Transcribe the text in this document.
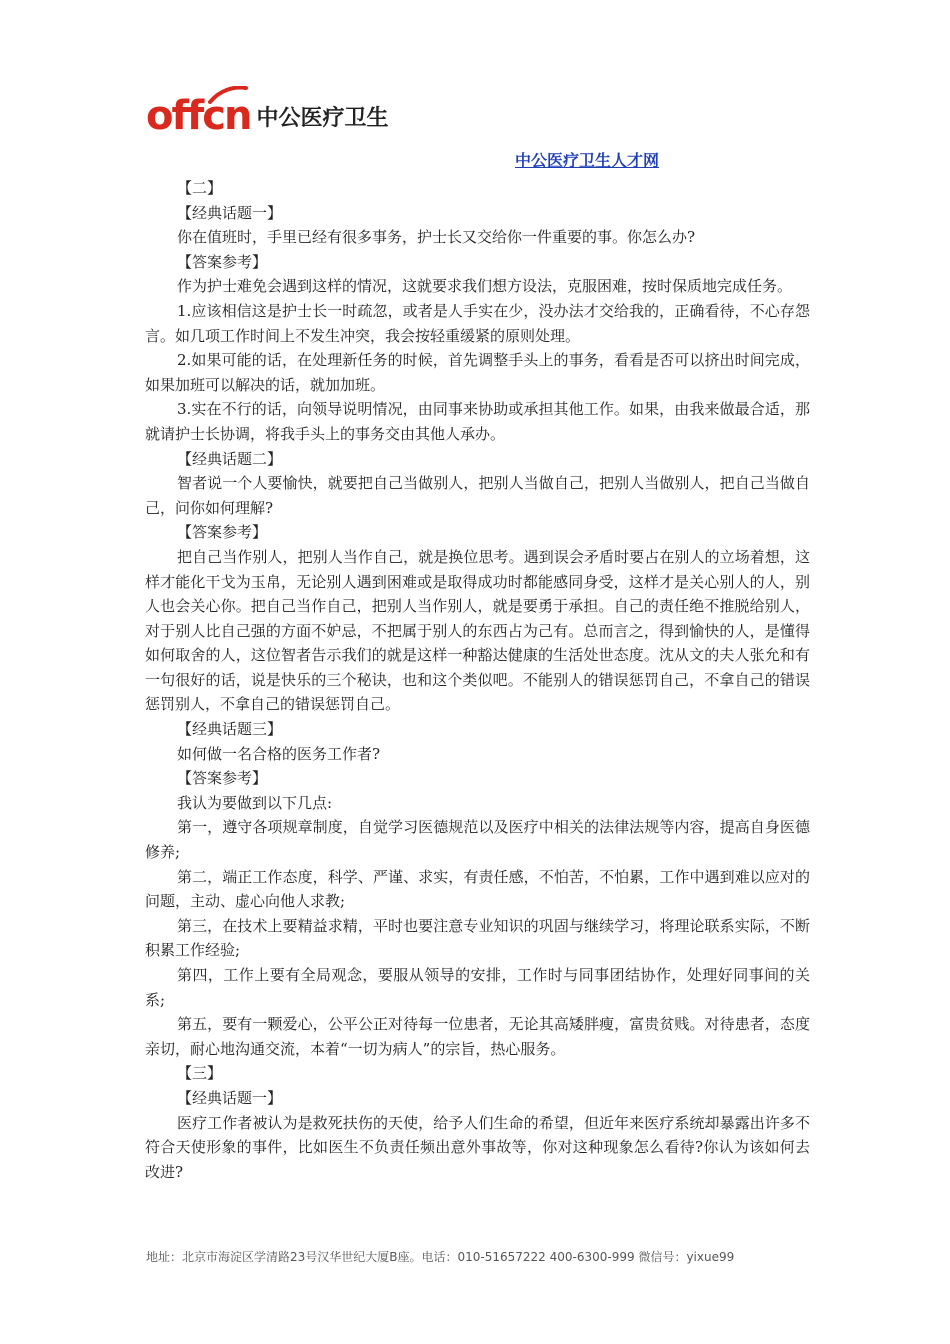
offcn 中公医疗卫生
中公医疗卫生人才网

【二】

【经典话题一】

你在值班时，手里已经有很多事务，护士长又交给你一件重要的事。你怎么办?

【答案参考】

作为护士难免会遇到这样的情况，这就要求我们想方设法，克服困难，按时保质地完成任务。

1.应该相信这是护士长一时疏忽，或者是人手实在少，没办法才交给我的，正确看待，不心存怨言。如几项工作时间上不发生冲突，我会按轻重缓紧的原则处理。

2.如果可能的话，在处理新任务的时候，首先调整手头上的事务，看看是否可以挤出时间完成，如果加班可以解决的话，就加加班。

3.实在不行的话，向领导说明情况，由同事来协助或承担其他工作。如果，由我来做最合适，那就请护士长协调，将我手头上的事务交由其他人承办。

【经典话题二】

智者说一个人要愉快，就要把自己当做别人，把别人当做自己，把别人当做别人，把自己当做自己，问你如何理解?

【答案参考】

把自己当作别人，把别人当作自己，就是换位思考。遇到误会矛盾时要占在别人的立场着想，这样才能化干戈为玉帛，无论别人遇到困难或是取得成功时都能感同身受，这样才是关心别人的人，别人也会关心你。把自己当作自己，把别人当作别人，就是要勇于承担。自己的责任绝不推脱给别人，对于别人比自己强的方面不妒忌，不把属于别人的东西占为己有。总而言之，得到愉快的人，是懂得如何取舍的人，这位智者告示我们的就是这样一种豁达健康的生活处世态度。沈从文的夫人张允和有一句很好的话，说是快乐的三个秘诀，也和这个类似吧。不能别人的错误惩罚自己，不拿自己的错误惩罚别人，不拿自己的错误惩罚自己。

【经典话题三】

如何做一名合格的医务工作者?

【答案参考】

我认为要做到以下几点:

第一，遵守各项规章制度，自觉学习医德规范以及医疗中相关的法律法规等内容，提高自身医德修养;

第二，端正工作态度，科学、严谨、求实，有责任感，不怕苦，不怕累，工作中遇到难以应对的问题，主动、虚心向他人求教;

第三，在技术上要精益求精，平时也要注意专业知识的巩固与继续学习，将理论联系实际，不断积累工作经验;

第四，工作上要有全局观念，要服从领导的安排，工作时与同事团结协作，处理好同事间的关系;

第五，要有一颗爱心，公平公正对待每一位患者，无论其高矮胖瘦，富贵贫贱。对待患者，态度亲切，耐心地沟通交流，本着“一切为病人”的宗旨，热心服务。

【三】

【经典话题一】

医疗工作者被认为是救死扶伤的天使，给予人们生命的希望，但近年来医疗系统却暴露出许多不符合天使形象的事件，比如医生不负责任频出意外事故等，你对这种现象怎么看待?你认为该如何去改进?

地址：北京市海淀区学清路23号汉华世纪大厦B座。电话：010-51657222 400-6300-999 微信号：yixue99
